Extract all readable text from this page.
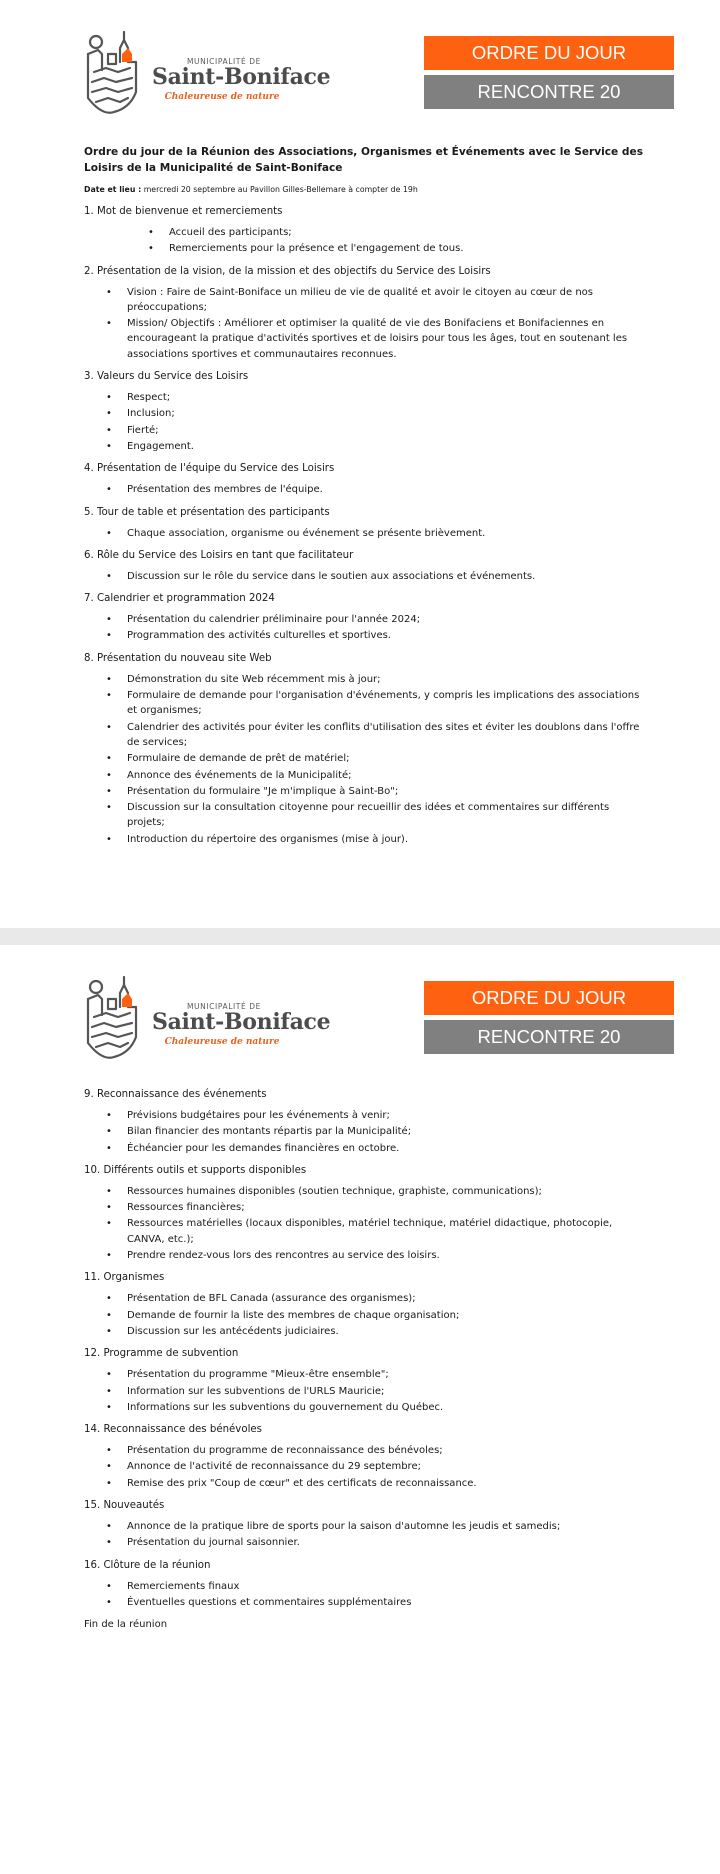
MUNICIPALITÉ DE
Saint-Boniface
Chaleureuse de nature
ORDRE DU JOUR
RENCONTRE 20 SEPTEMBRE

Ordre du jour de la Réunion des Associations, Organismes et Événements avec le Service des Loisirs de la Municipalité de Saint-Boniface

Date et lieu : mercredi 20 septembre au Pavillon Gilles-Bellemare à compter de 19h

1. Mot de bienvenue et remerciements

• Accueil des participants;
• Remerciements pour la présence et l'engagement de tous.

2. Présentation de la vision, de la mission et des objectifs du Service des Loisirs

• Vision : Faire de Saint-Boniface un milieu de vie de qualité et avoir le citoyen au cœur de nos préoccupations;
• Mission/ Objectifs : Améliorer et optimiser la qualité de vie des Bonifaciens et Bonifaciennes en encourageant la pratique d'activités sportives et de loisirs pour tous les âges, tout en soutenant les associations sportives et communautaires reconnues.

3. Valeurs du Service des Loisirs

• Respect;
• Inclusion;
• Fierté;
• Engagement.

4. Présentation de l'équipe du Service des Loisirs

• Présentation des membres de l'équipe.

5. Tour de table et présentation des participants

• Chaque association, organisme ou événement se présente brièvement.

6. Rôle du Service des Loisirs en tant que facilitateur

• Discussion sur le rôle du service dans le soutien aux associations et événements.

7. Calendrier et programmation 2024

• Présentation du calendrier préliminaire pour l'année 2024;
• Programmation des activités culturelles et sportives.

8. Présentation du nouveau site Web

• Démonstration du site Web récemment mis à jour;
• Formulaire de demande pour l'organisation d'événements, y compris les implications des associations et organismes;
• Calendrier des activités pour éviter les conflits d'utilisation des sites et éviter les doublons dans l'offre de services;
• Formulaire de demande de prêt de matériel;
• Annonce des événements de la Municipalité;
• Présentation du formulaire "Je m'implique à Saint-Bo";
• Discussion sur la consultation citoyenne pour recueillir des idées et commentaires sur différents projets;
• Introduction du répertoire des organismes (mise à jour).
MUNICIPALITÉ DE
Saint-Boniface
Chaleureuse de nature
ORDRE DU JOUR
RENCONTRE 20 SEPTEMBRE

9. Reconnaissance des événements

• Prévisions budgétaires pour les événements à venir;
• Bilan financier des montants répartis par la Municipalité;
• Échéancier pour les demandes financières en octobre.

10. Différents outils et supports disponibles

• Ressources humaines disponibles (soutien technique, graphiste, communications);
• Ressources financières;
• Ressources matérielles (locaux disponibles, matériel technique, matériel didactique, photocopie, CANVA, etc.);
• Prendre rendez-vous lors des rencontres au service des loisirs.

11. Organismes

• Présentation de BFL Canada (assurance des organismes);
• Demande de fournir la liste des membres de chaque organisation;
• Discussion sur les antécédents judiciaires.

12. Programme de subvention

• Présentation du programme "Mieux-être ensemble";
• Information sur les subventions de l'URLS Mauricie;
• Informations sur les subventions du gouvernement du Québec.

14. Reconnaissance des bénévoles

• Présentation du programme de reconnaissance des bénévoles;
• Annonce de l'activité de reconnaissance du 29 septembre;
• Remise des prix "Coup de cœur" et des certificats de reconnaissance.

15. Nouveautés

• Annonce de la pratique libre de sports pour la saison d'automne les jeudis et samedis;
• Présentation du journal saisonnier.

16. Clôture de la réunion

• Remerciements finaux
• Éventuelles questions et commentaires supplémentaires

Fin de la réunion
